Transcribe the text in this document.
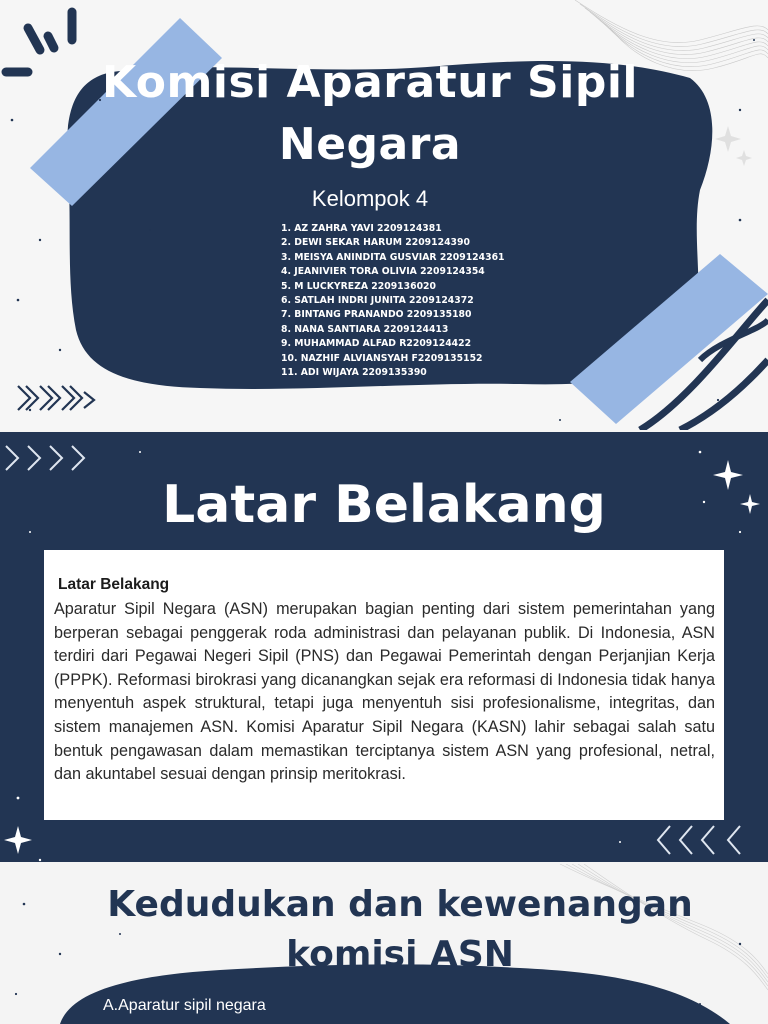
Komisi Aparatur Sipil Negara
Kelompok 4
1. AZ ZAHRA YAVI 2209124381
2. DEWI SEKAR HARUM 2209124390
3. MEISYA ANINDITA GUSVIAR 2209124361
4. JEANIVIER TORA OLIVIA 2209124354
5. M LUCKYREZA 2209136020
6. SATLAH INDRI JUNITA 2209124372
7. BINTANG PRANANDO 2209135180
8. NANA SANTIARA 2209124413
9. MUHAMMAD ALFAD R2209124422
10. NAZHIF ALVIANSYAH F2209135152
11. ADI WIJAYA 2209135390
Latar Belakang
Latar Belakang

Aparatur Sipil Negara (ASN) merupakan bagian penting dari sistem pemerintahan yang berperan sebagai penggerak roda administrasi dan pelayanan publik. Di Indonesia, ASN terdiri dari Pegawai Negeri Sipil (PNS) dan Pegawai Pemerintah dengan Perjanjian Kerja (PPPK). Reformasi birokrasi yang dicanangkan sejak era reformasi di Indonesia tidak hanya menyentuh aspek struktural, tetapi juga menyentuh sisi profesionalisme, integritas, dan sistem manajemen ASN. Komisi Aparatur Sipil Negara (KASN) lahir sebagai salah satu bentuk pengawasan dalam memastikan terciptanya sistem ASN yang profesional, netral, dan akuntabel sesuai dengan prinsip meritokrasi.

Kedudukan dan kewenangan komisi ASN
A.Aparatur sipil negara
